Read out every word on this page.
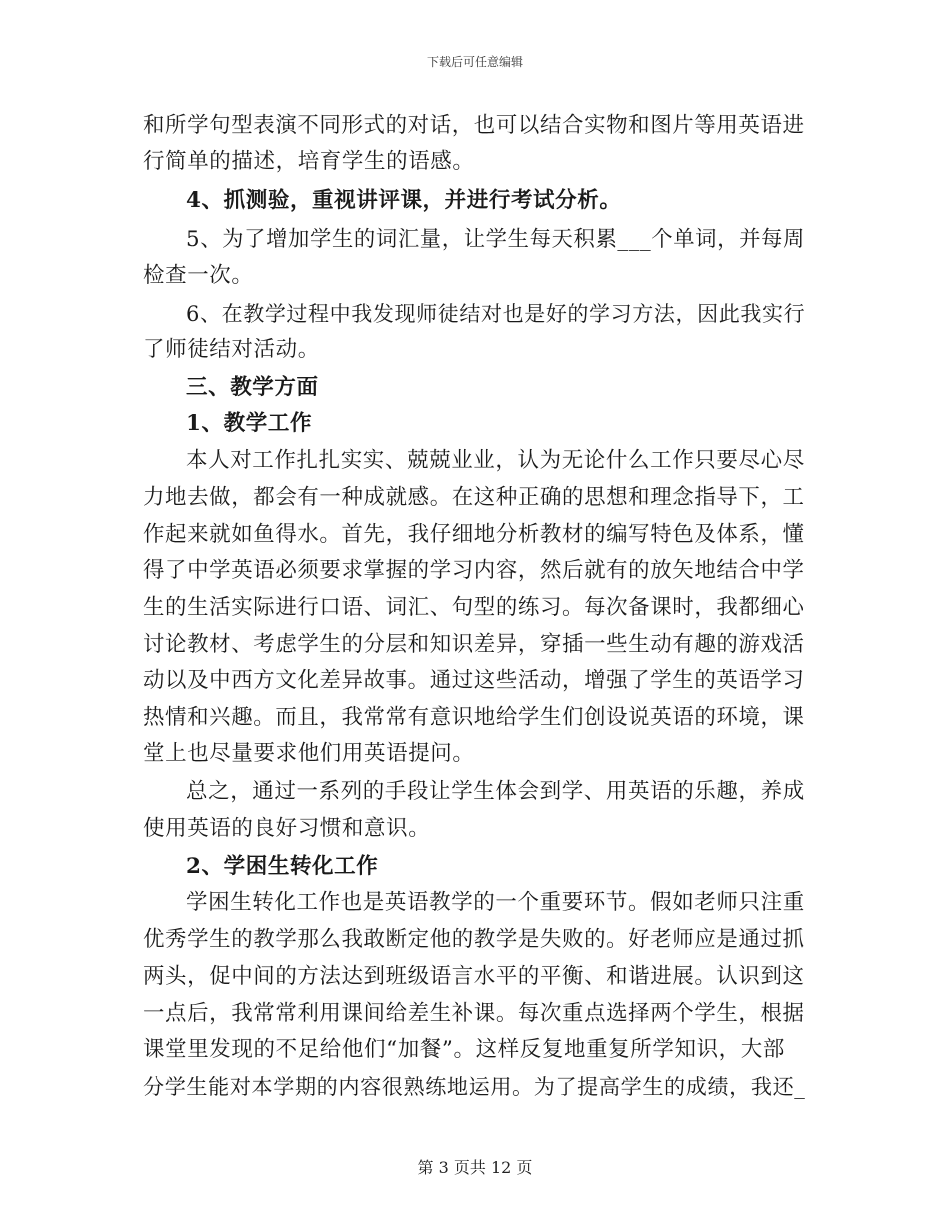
下载后可任意编辑
和所学句型表演不同形式的对话，也可以结合实物和图片等用英语进
行简单的描述，培育学生的语感。
4、抓测验，重视讲评课，并进行考试分析。
5、为了增加学生的词汇量，让学生每天积累___个单词，并每周
检查一次。
6、在教学过程中我发现师徒结对也是好的学习方法，因此我实行
了师徒结对活动。
三、教学方面
1、教学工作
本人对工作扎扎实实、兢兢业业，认为无论什么工作只要尽心尽
力地去做，都会有一种成就感。在这种正确的思想和理念指导下，工
作起来就如鱼得水。首先，我仔细地分析教材的编写特色及体系，懂
得了中学英语必须要求掌握的学习内容，然后就有的放矢地结合中学
生的生活实际进行口语、词汇、句型的练习。每次备课时，我都细心
讨论教材、考虑学生的分层和知识差异，穿插一些生动有趣的游戏活
动以及中西方文化差异故事。通过这些活动，增强了学生的英语学习
热情和兴趣。而且，我常常有意识地给学生们创设说英语的环境，课
堂上也尽量要求他们用英语提问。
总之，通过一系列的手段让学生体会到学、用英语的乐趣，养成
使用英语的良好习惯和意识。
2、学困生转化工作
学困生转化工作也是英语教学的一个重要环节。假如老师只注重
优秀学生的教学那么我敢断定他的教学是失败的。好老师应是通过抓
两头，促中间的方法达到班级语言水平的平衡、和谐进展。认识到这
一点后，我常常利用课间给差生补课。每次重点选择两个学生，根据
课堂里发现的不足给他们“加餐”。这样反复地重复所学知识，大部
分学生能对本学期的内容很熟练地运用。为了提高学生的成绩，我还_
第 3 页共 12 页
